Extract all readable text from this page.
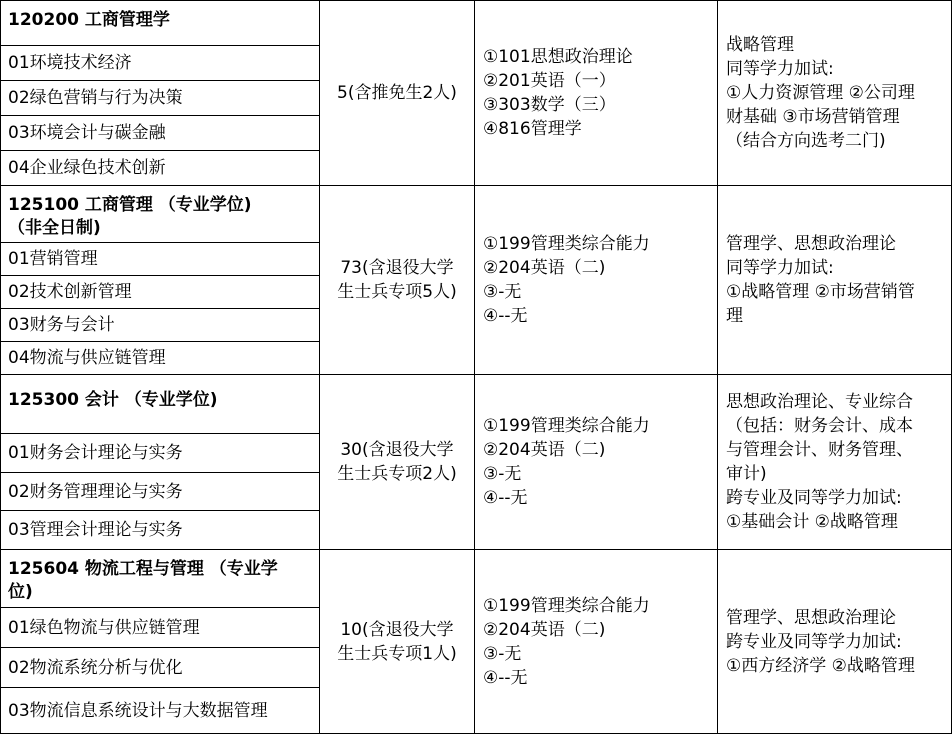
120200 工商管理学
01环境技术经济
02绿色营销与行为决策
03环境会计与碳金融
04企业绿色技术创新
5(含推免生2人)
①101思想政治理论
②201英语（一）
③303数学（三）
④816管理学
战略管理
同等学力加试:
①人力资源管理 ②公司理
财基础 ③市场营销管理
（结合方向选考二门)
125100 工商管理 （专业学位)
（非全日制)
01营销管理
02技术创新管理
03财务与会计
04物流与供应链管理
73(含退役大学
生士兵专项5人)
①199管理类综合能力
②204英语（二)
③-无
④--无
管理学、思想政治理论
同等学力加试:
①战略管理 ②市场营销管
理
125300 会计 （专业学位)
01财务会计理论与实务
02财务管理理论与实务
03管理会计理论与实务
30(含退役大学
生士兵专项2人)
①199管理类综合能力
②204英语（二)
③-无
④--无
思想政治理论、专业综合
（包括：财务会计、成本
与管理会计、财务管理、
审计)
跨专业及同等学力加试:
①基础会计 ②战略管理
125604 物流工程与管理 （专业学
位)
01绿色物流与供应链管理
02物流系统分析与优化
03物流信息系统设计与大数据管理
10(含退役大学
生士兵专项1人)
①199管理类综合能力
②204英语（二)
③-无
④--无
管理学、思想政治理论
跨专业及同等学力加试:
①西方经济学 ②战略管理
